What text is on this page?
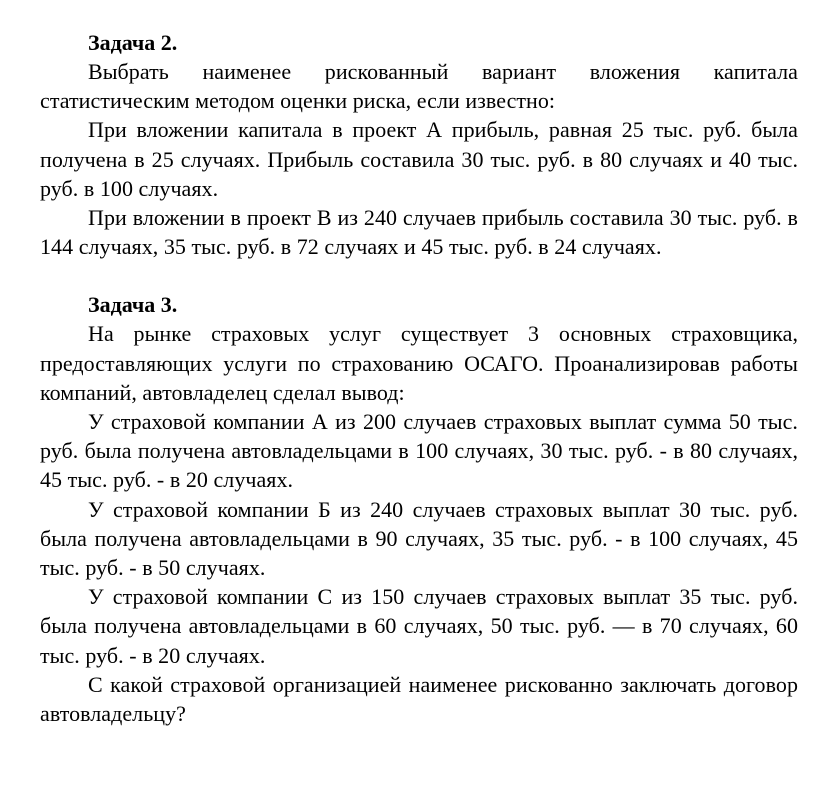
Задача 2.

Выбрать наименее рискованный вариант вложения капитала статистическим методом оценки риска, если известно:

При вложении капитала в проект А прибыль, равная 25 тыс. руб. была получена в 25 случаях. Прибыль составила 30 тыс. руб. в 80 случаях и 40 тыс. руб. в 100 случаях.

При вложении в проект В из 240 случаев прибыль составила 30 тыс. руб. в 144 случаях, 35 тыс. руб. в 72 случаях и 45 тыс. руб. в 24 случаях.

Задача 3.

На рынке страховых услуг существует 3 основных страховщика, предоставляющих услуги по страхованию ОСАГО. Проанализировав работы компаний, автовладелец сделал вывод:

У страховой компании А из 200 случаев страховых выплат сумма 50 тыс. руб. была получена автовладельцами в 100 случаях, 30 тыс. руб. - в 80 случаях, 45 тыс. руб. - в 20 случаях.

У страховой компании Б из 240 случаев страховых выплат 30 тыс. руб. была получена автовладельцами в 90 случаях, 35 тыс. руб. - в 100 случаях, 45 тыс. руб. - в 50 случаях.

У страховой компании С из 150 случаев страховых выплат 35 тыс. руб. была получена автовладельцами в 60 случаях, 50 тыс. руб. — в 70 случаях, 60 тыс. руб. - в 20 случаях.

С какой страховой организацией наименее рискованно заключать договор автовладельцу?
